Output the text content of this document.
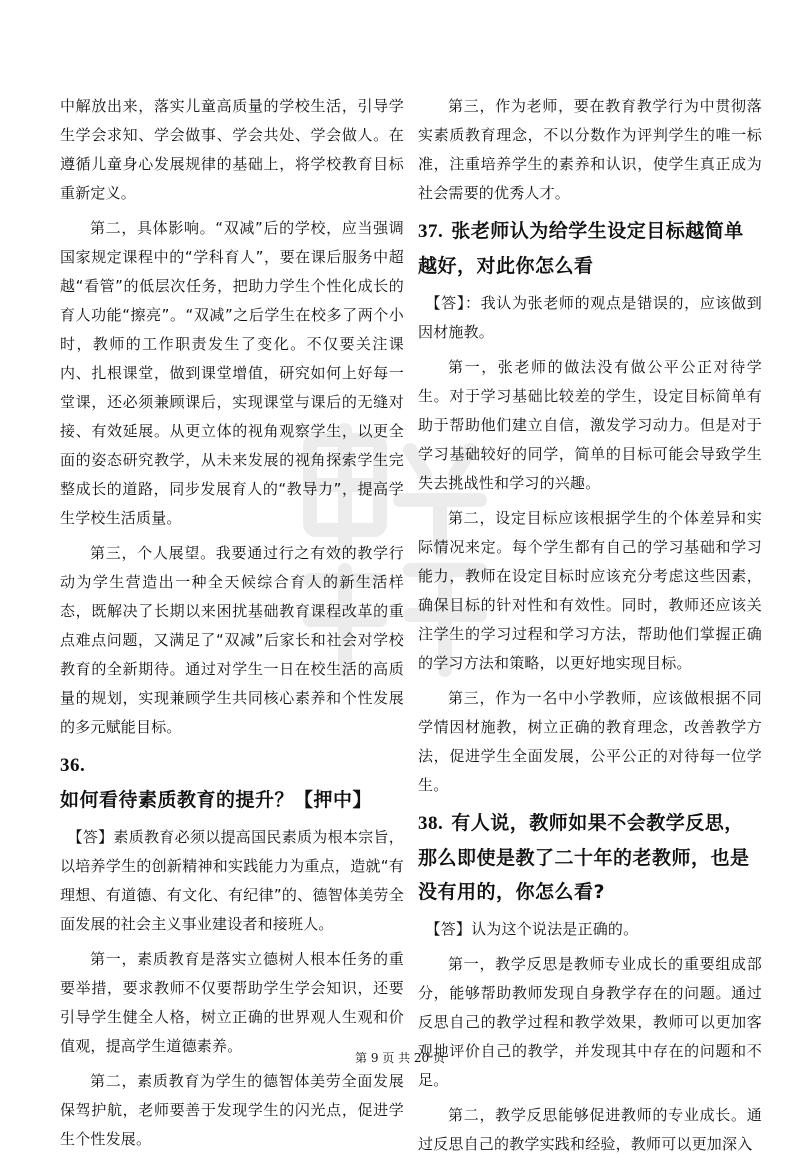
中解放出来，落实儿童高质量的学校生活，引导学生学会求知、学会做事、学会共处、学会做人。在遵循儿童身心发展规律的基础上，将学校教育目标重新定义。

第二，具体影响。“双减”后的学校，应当强调国家规定课程中的“学科育人”，要在课后服务中超越“看管”的低层次任务，把助力学生个性化成长的育人功能“擦亮”。“双减”之后学生在校多了两个小时，教师的工作职责发生了变化。不仅要关注课内、扎根课堂，做到课堂增值，研究如何上好每一堂课，还必须兼顾课后，实现课堂与课后的无缝对接、有效延展。从更立体的视角观察学生，以更全面的姿态研究教学，从未来发展的视角探索学生完整成长的道路，同步发展育人的“教导力”，提高学生学校生活质量。

第三，个人展望。我要通过行之有效的教学行动为学生营造出一种全天候综合育人的新生活样态，既解决了长期以来困扰基础教育课程改革的重点难点问题，又满足了“双减”后家长和社会对学校教育的全新期待。通过对学生一日在校生活的高质量的规划，实现兼顾学生共同核心素养和个性发展的多元赋能目标。

36.如何看待素质教育的提升？【押中】

【答】素质教育必须以提高国民素质为根本宗旨，以培养学生的创新精神和实践能力为重点，造就“有理想、有道德、有文化、有纪律”的、德智体美劳全面发展的社会主义事业建设者和接班人。

第一，素质教育是落实立德树人根本任务的重要举措，要求教师不仅要帮助学生学会知识，还要引导学生健全人格，树立正确的世界观人生观和价值观，提高学生道德素养。

第二，素质教育为学生的德智体美劳全面发展保驾护航，老师要善于发现学生的闪光点，促进学生个性发展。

第三，作为老师，要在教育教学行为中贯彻落实素质教育理念，不以分数作为评判学生的唯一标准，注重培养学生的素养和认识，使学生真正成为社会需要的优秀人才。

37. 张老师认为给学生设定目标越简单越好，对此你怎么看

【答】：我认为张老师的观点是错误的，应该做到因材施教。

第一，张老师的做法没有做公平公正对待学生。对于学习基础比较差的学生，设定目标简单有助于帮助他们建立自信，激发学习动力。但是对于学习基础较好的同学，简单的目标可能会导致学生失去挑战性和学习的兴趣。

第二，设定目标应该根据学生的个体差异和实际情况来定。每个学生都有自己的学习基础和学习能力，教师在设定目标时应该充分考虑这些因素，确保目标的针对性和有效性。同时，教师还应该关注学生的学习过程和学习方法，帮助他们掌握正确的学习方法和策略，以更好地实现目标。

第三，作为一名中小学教师，应该做根据不同学情因材施教，树立正确的教育理念，改善教学方法，促进学生全面发展，公平公正的对待每一位学生。

38. 有人说，教师如果不会教学反思，那么即使是教了二十年的老教师，也是没有用的，你怎么看?

【答】认为这个说法是正确的。

第一，教学反思是教师专业成长的重要组成部分，能够帮助教师发现自身教学存在的问题。通过反思自己的教学过程和教学效果，教师可以更加客观地评价自己的教学，并发现其中存在的问题和不足。

第二，教学反思能够促进教师的专业成长。通过反思自己的教学实践和经验，教师可以更加深入

第 9 页 共 20 页
